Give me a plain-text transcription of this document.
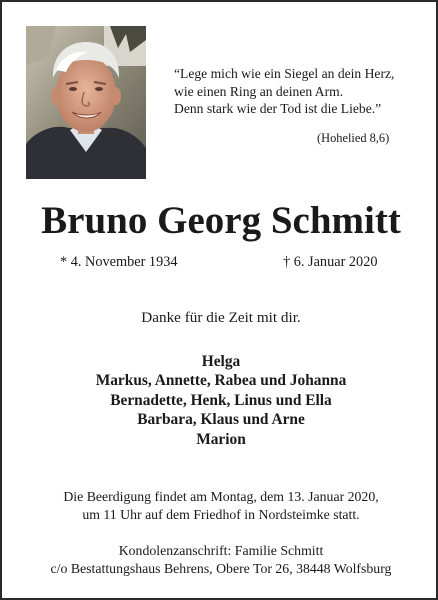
“Lege mich wie ein Siegel an dein Herz,
wie einen Ring an deinen Arm.
Denn stark wie der Tod ist die Liebe.”
(Hohelied 8,6)
Bruno Georg Schmitt
* 4. November 1934	† 6. Januar 2020
Danke für die Zeit mit dir.
Helga
Markus, Annette, Rabea und Johanna
Bernadette, Henk, Linus und Ella
Barbara, Klaus und Arne
Marion
Die Beerdigung findet am Montag, dem 13. Januar 2020,
um 11 Uhr auf dem Friedhof in Nordsteimke statt.
Kondolenzanschrift: Familie Schmitt
c/o Bestattungshaus Behrens, Obere Tor 26, 38448 Wolfsburg
